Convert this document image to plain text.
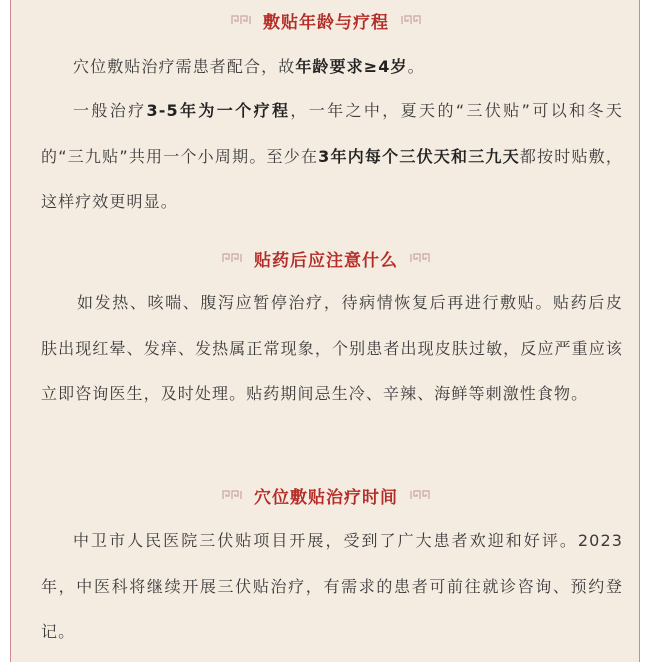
敷贴年龄与疗程

穴位敷贴治疗需患者配合，故年龄要求≥4岁。

一般治疗3-5年为一个疗程，一年之中，夏天的“三伏贴”可以和冬天的“三九贴”共用一个小周期。至少在3年内每个三伏天和三九天都按时贴敷，这样疗效更明显。

贴药后应注意什么

如发热、咳喘、腹泻应暂停治疗，待病情恢复后再进行敷贴。贴药后皮肤出现红晕、发痒、发热属正常现象，个别患者出现皮肤过敏，反应严重应该立即咨询医生，及时处理。贴药期间忌生冷、辛辣、海鲜等刺激性食物。

穴位敷贴治疗时间

中卫市人民医院三伏贴项目开展，受到了广大患者欢迎和好评。2023年，中医科将继续开展三伏贴治疗，有需求的患者可前往就诊咨询、预约登记。
